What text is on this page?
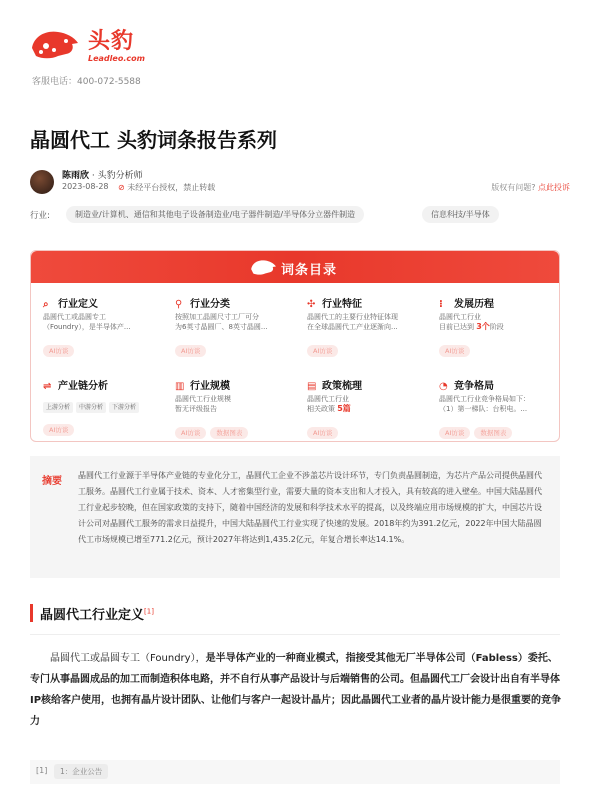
头豹
Leadleo.com
客服电话：400-072-5588
晶圆代工 头豹词条报告系列
陈雨欣 · 头豹分析师
2023-08-28 ⊘ 未经平台授权，禁止转载	版权有问题? 点此投诉
行业:	制造业/计算机、通信和其他电子设备制造业/电子器件制造/半导体分立器件制造	信息科技/半导体
词条目录
⌕ 行业定义
晶圆代工或晶圆专工
（Foundry），是半导体产...
AI访谈
⚲ 行业分类
按照加工晶圆尺寸工厂可分
为6英寸晶圆厂、8英寸晶圆...
AI访谈
✣ 行业特征
晶圆代工的主要行业特征体现
在全球晶圆代工产业逐渐向...
AI访谈
⁝ 发展历程
晶圆代工行业
目前已达到 3个阶段
AI访谈
⇌ 产业链分析
上游分析 中游分析 下游分析
AI访谈
▥ 行业规模
晶圆代工行业规模
暂无评级报告
AI访谈 数据图表
▤ 政策梳理
晶圆代工行业
相关政策 5篇
AI访谈
◔ 竞争格局
晶圆代工行业竞争格局如下：
（1）第一梯队：台积电。...
AI访谈 数据图表
摘要
晶圆代工行业源于半导体产业链的专业化分工，晶圆代工企业不涉盖芯片设计环节，专门负责晶圆制造，为芯片产品公司提供晶圆代工服务。晶圆代工行业属于技术、资本、人才密集型行业，需要大量的资本支出和人才投入，具有较高的进入壁垒。中国大陆晶圆代工行业起步较晚，但在国家政策的支持下，随着中国经济的发展和科学技术水平的提高，以及终端应用市场规模的扩大，中国芯片设计公司对晶圆代工服务的需求日益提升，中国大陆晶圆代工行业实现了快速的发展。2018年约为391.2亿元，2022年中国大陆晶圆代工市场规模已增至771.2亿元，预计2027年将达到1,435.2亿元，年复合增长率达14.1%。
晶圆代工行业定义[1]
晶圆代工或晶圆专工（Foundry），是半导体产业的一种商业模式，指接受其他无厂半导体公司（Fabless）委托、专门从事晶圆成品的加工而制造积体电路，并不自行从事产品设计与后端销售的公司。但晶圆代工厂会设计出自有半导体IP核给客户使用，也拥有晶片设计团队、让他们与客户一起设计晶片；因此晶圆代工业者的晶片设计能力是很重要的竞争力
[1]	1：企业公告
